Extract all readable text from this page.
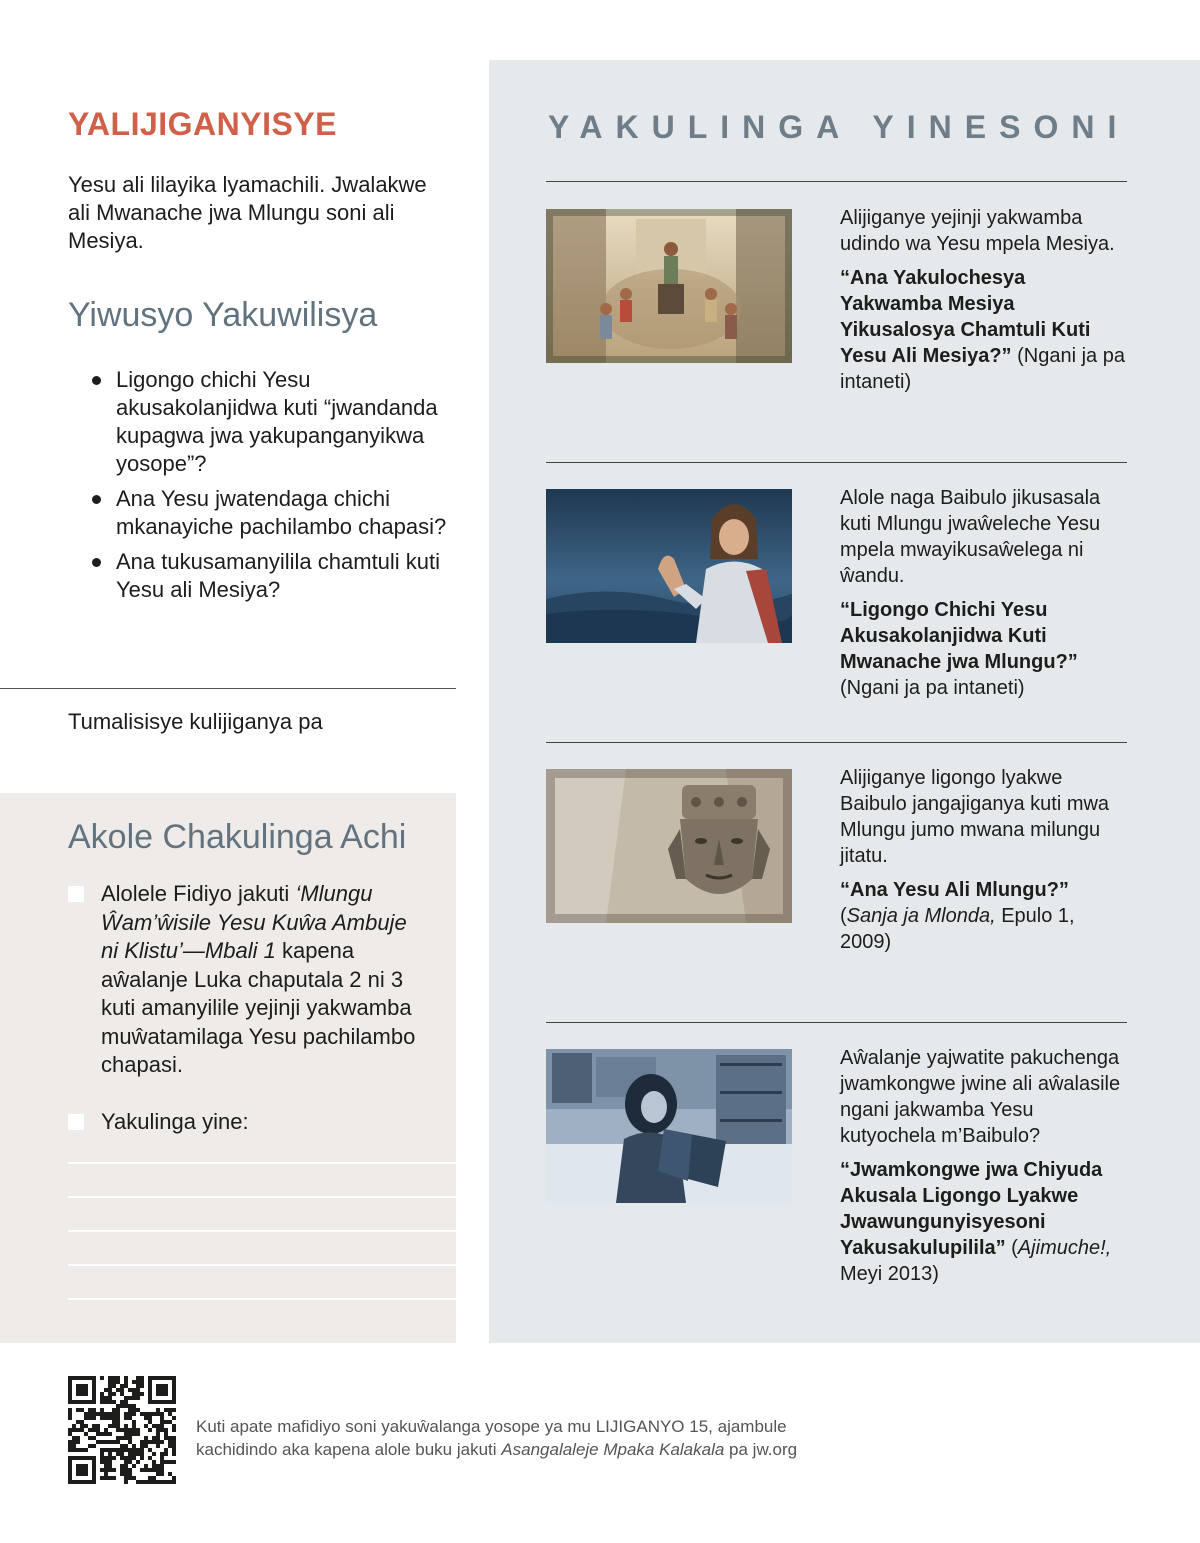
YALIJIGANYISYE

Yesu ali lilayika lyamachili. Jwalakwe ali Mwanache jwa Mlungu soni ali Mesiya.

Yiwusyo Yakuwilisya
Ligongo chichi Yesu akusakolanjidwa kuti “jwandanda kupagwa jwa yakupanganyikwa yosope”?
Ana Yesu jwatendaga chichi mkanayiche pachilambo chapasi?
Ana tukusamanyilila chamtuli kuti Yesu ali Mesiya?

Tumalisisye kulijiganya pa

Akole Chakulinga Achi
Alolele Fidiyo jakuti ‘Mlungu Ŵam’ŵisile Yesu Kuŵa Ambuje ni Klistu’—Mbali 1 kapena aŵalanje Luka chaputala 2 ni 3 kuti amanyilile yejinji yakwamba muŵatamilaga Yesu pachilambo chapasi.
Yakulinga yine:
YAKULINGA YINESONI

Alijiganye yejinji yakwamba udindo wa Yesu mpela Mesiya.

“Ana Yakulochesya Yakwamba Mesiya Yikusalosya Chamtuli Kuti Yesu Ali Mesiya?” (Ngani ja pa intaneti)

Alole naga Baibulo jikusasala kuti Mlungu jwaŵeleche Yesu mpela mwayikusaŵelega ni ŵandu.

“Ligongo Chichi Yesu Akusakolanjidwa Kuti Mwanache jwa Mlungu?” (Ngani ja pa intaneti)

Alijiganye ligongo lyakwe Baibulo jangajiganya kuti mwa Mlungu jumo mwana milungu jitatu.

“Ana Yesu Ali Mlungu?”
(Sanja ja Mlonda, Epulo 1, 2009)

Aŵalanje yajwatite pakuchenga jwamkongwe jwine ali aŵalasile ngani jakwamba Yesu kutyochela m’Baibulo?

“Jwamkongwe jwa Chiyuda Akusala Ligongo Lyakwe Jwawungunyisyesoni Yakusakulupilila” (Ajimuche!, Meyi 2013)

Kuti apate mafidiyo soni yakuŵalanga yosope ya mu LIJIGANYO 15, ajambule kachidindo aka kapena alole buku jakuti Asangalaleje Mpaka Kalakala pa jw.org
